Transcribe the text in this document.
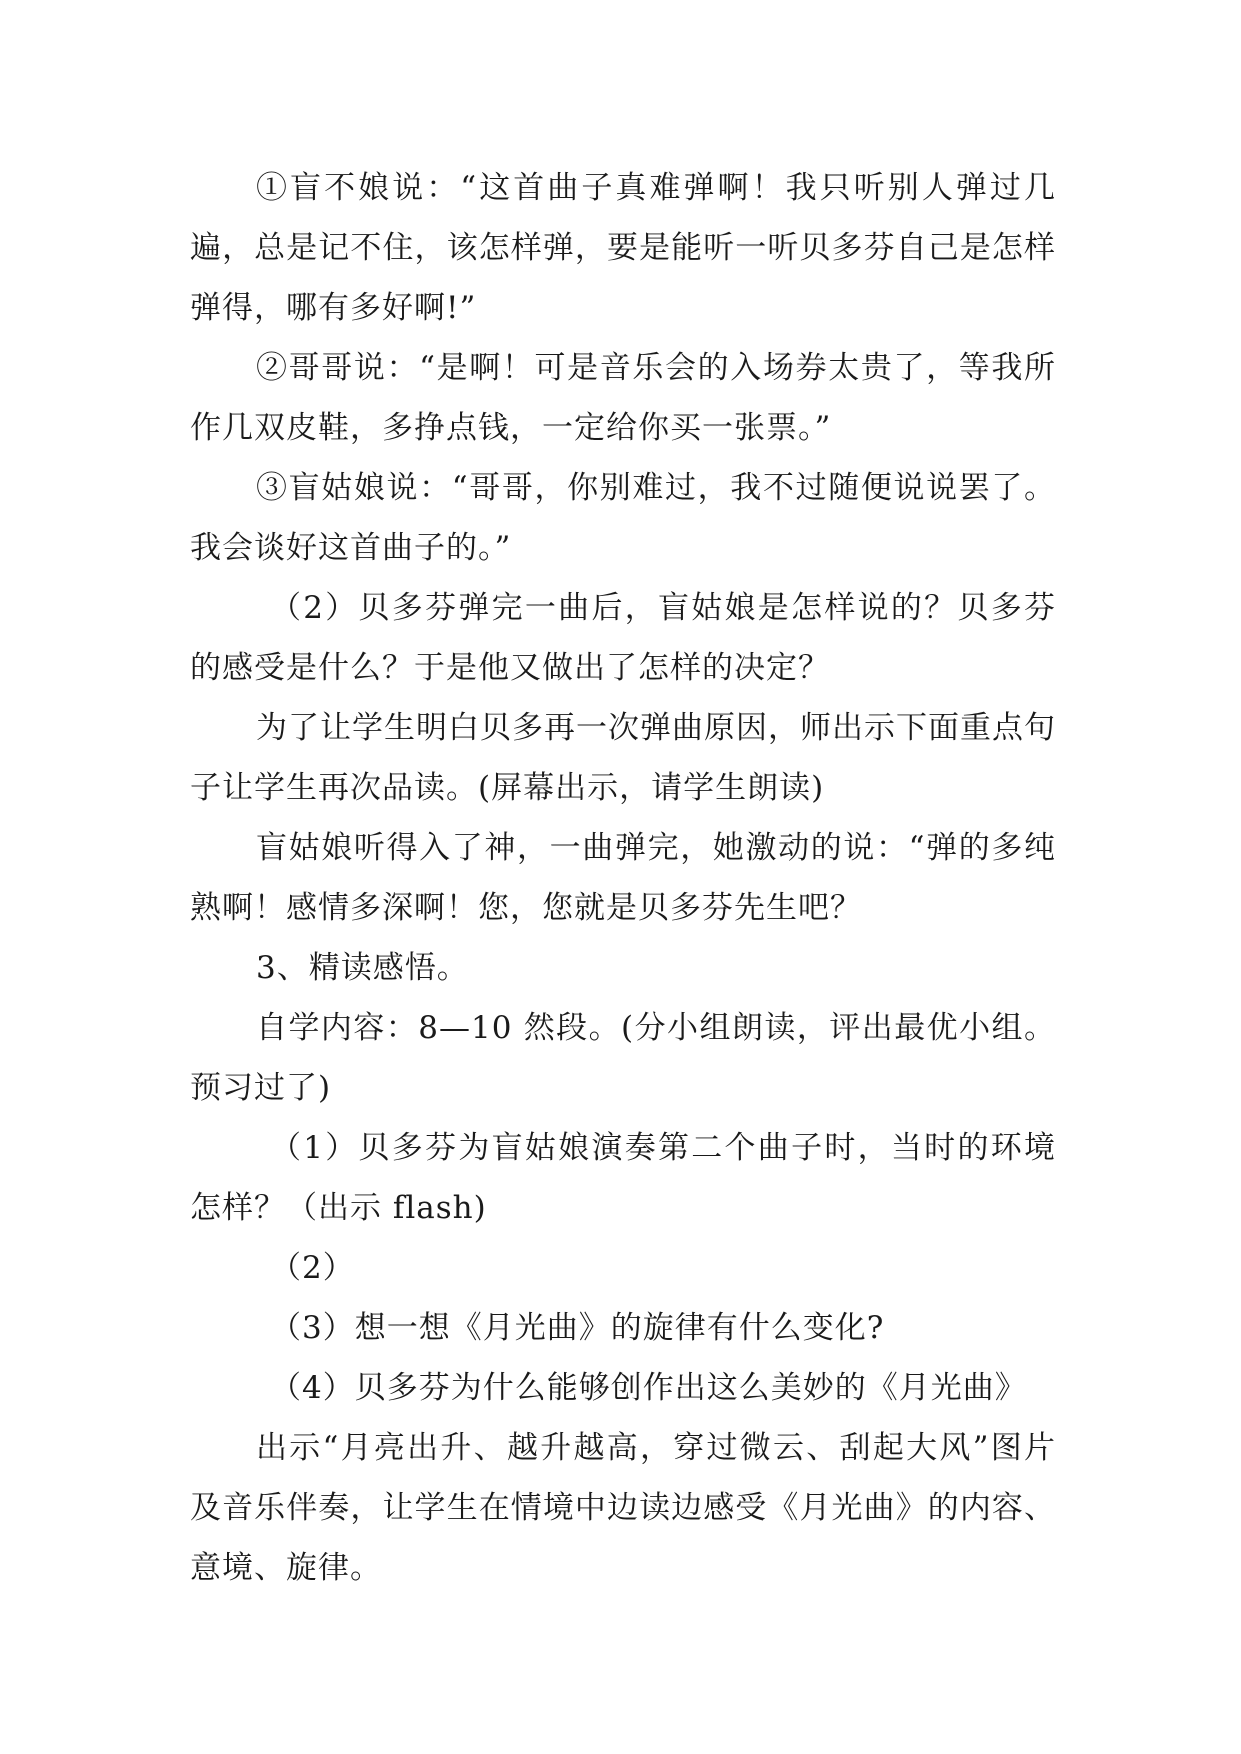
①盲不娘说：“这首曲子真难弹啊！我只听别人弹过几遍，总是记不住，该怎样弹，要是能听一听贝多芬自己是怎样弹得，哪有多好啊!”

②哥哥说：“是啊！可是音乐会的入场券太贵了，等我所作几双皮鞋，多挣点钱，一定给你买一张票。”

③盲姑娘说：“哥哥，你别难过，我不过随便说说罢了。我会谈好这首曲子的。”

（2）贝多芬弹完一曲后，盲姑娘是怎样说的？贝多芬的感受是什么？于是他又做出了怎样的决定？

为了让学生明白贝多再一次弹曲原因，师出示下面重点句子让学生再次品读。(屏幕出示，请学生朗读)

盲姑娘听得入了神，一曲弹完，她激动的说：“弹的多纯熟啊！感情多深啊！您，您就是贝多芬先生吧？

3、精读感悟。

自学内容：8—10 然段。(分小组朗读，评出最优小组。预习过了)

（1）贝多芬为盲姑娘演奏第二个曲子时，当时的环境怎样？（出示 flash)

（2）

（3）想一想《月光曲》的旋律有什么变化?

（4）贝多芬为什么能够创作出这么美妙的《月光曲》

出示“月亮出升、越升越高，穿过微云、刮起大风”图片及音乐伴奏，让学生在情境中边读边感受《月光曲》的内容、意境、旋律。
